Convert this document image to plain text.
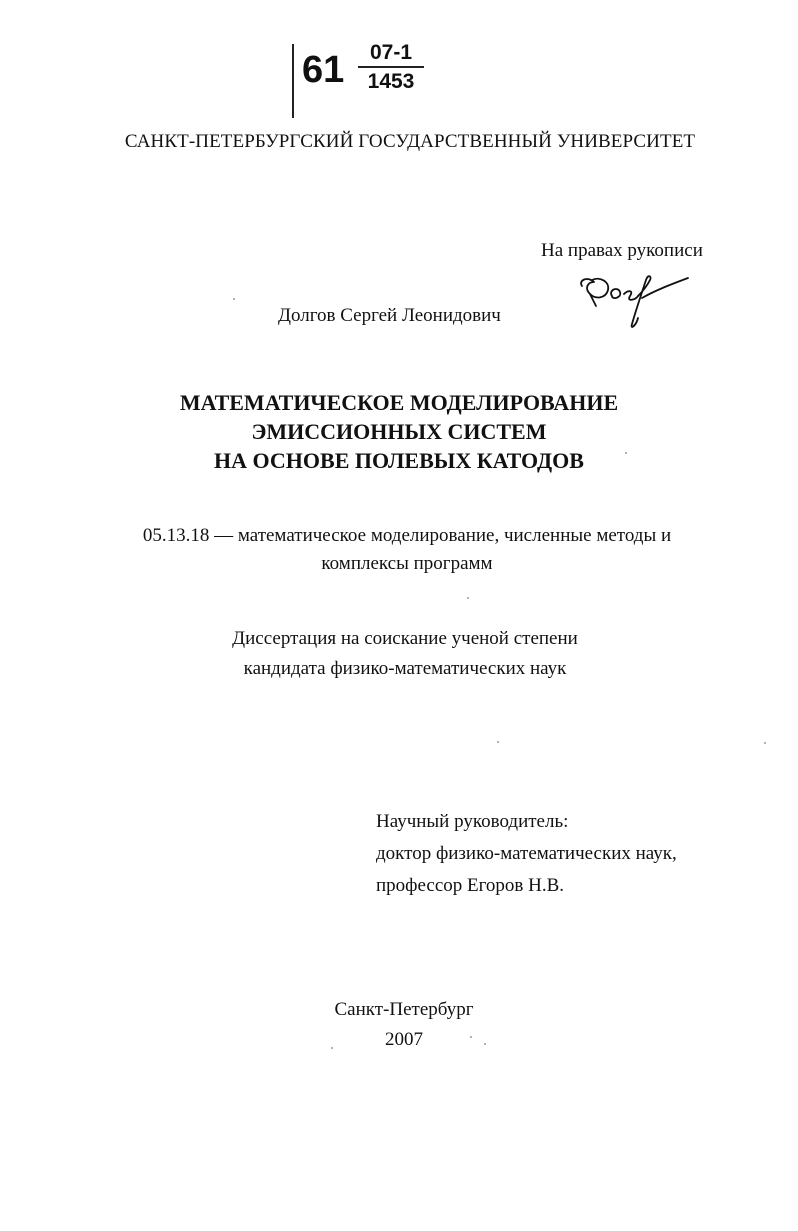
61	07-1
1453
САНКТ-ПЕТЕРБУРГСКИЙ ГОСУДАРСТВЕННЫЙ УНИВЕРСИТЕТ
На правах рукописи
Долгов Сергей Леонидович
МАТЕМАТИЧЕСКОЕ МОДЕЛИРОВАНИЕ
ЭМИССИОННЫХ СИСТЕМ
НА ОСНОВЕ ПОЛЕВЫХ КАТОДОВ
05.13.18 — математическое моделирование, численные методы и
комплексы программ
Диссертация на соискание ученой степени
кандидата физико-математических наук
Научный руководитель:
доктор физико-математических наук,
профессор Егоров Н.В.
Санкт-Петербург
2007
